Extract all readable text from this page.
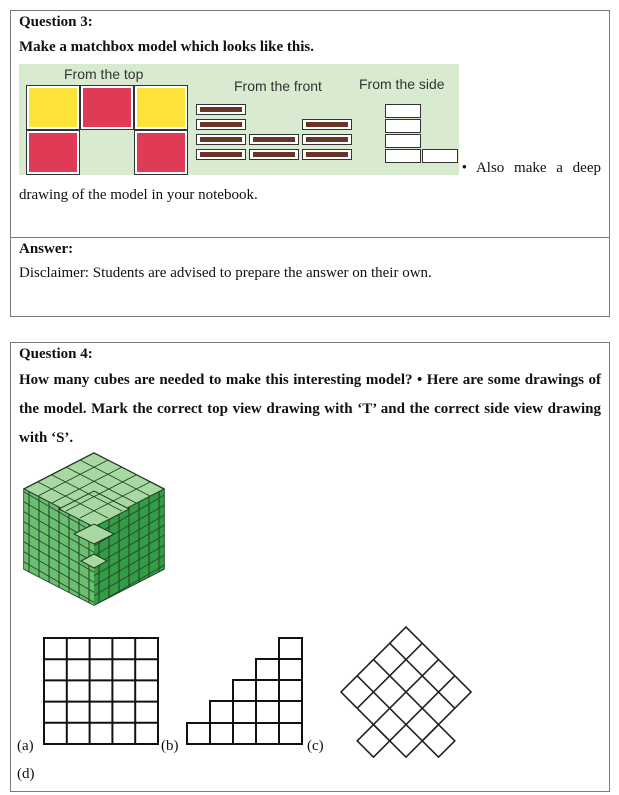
Question 3:
Make a matchbox model which looks like this.
From the top
From the front	From the side
• Also make a deep
drawing of the model in your notebook.
Answer:
Disclaimer: Students are advised to prepare the answer on their own.
Question 4:
How many cubes are needed to make this interesting model? • Here are some drawings of the model. Mark the correct top view drawing with ‘T’ and the correct side view drawing with ‘S’.
(a)	(b)	(c)
(d)
